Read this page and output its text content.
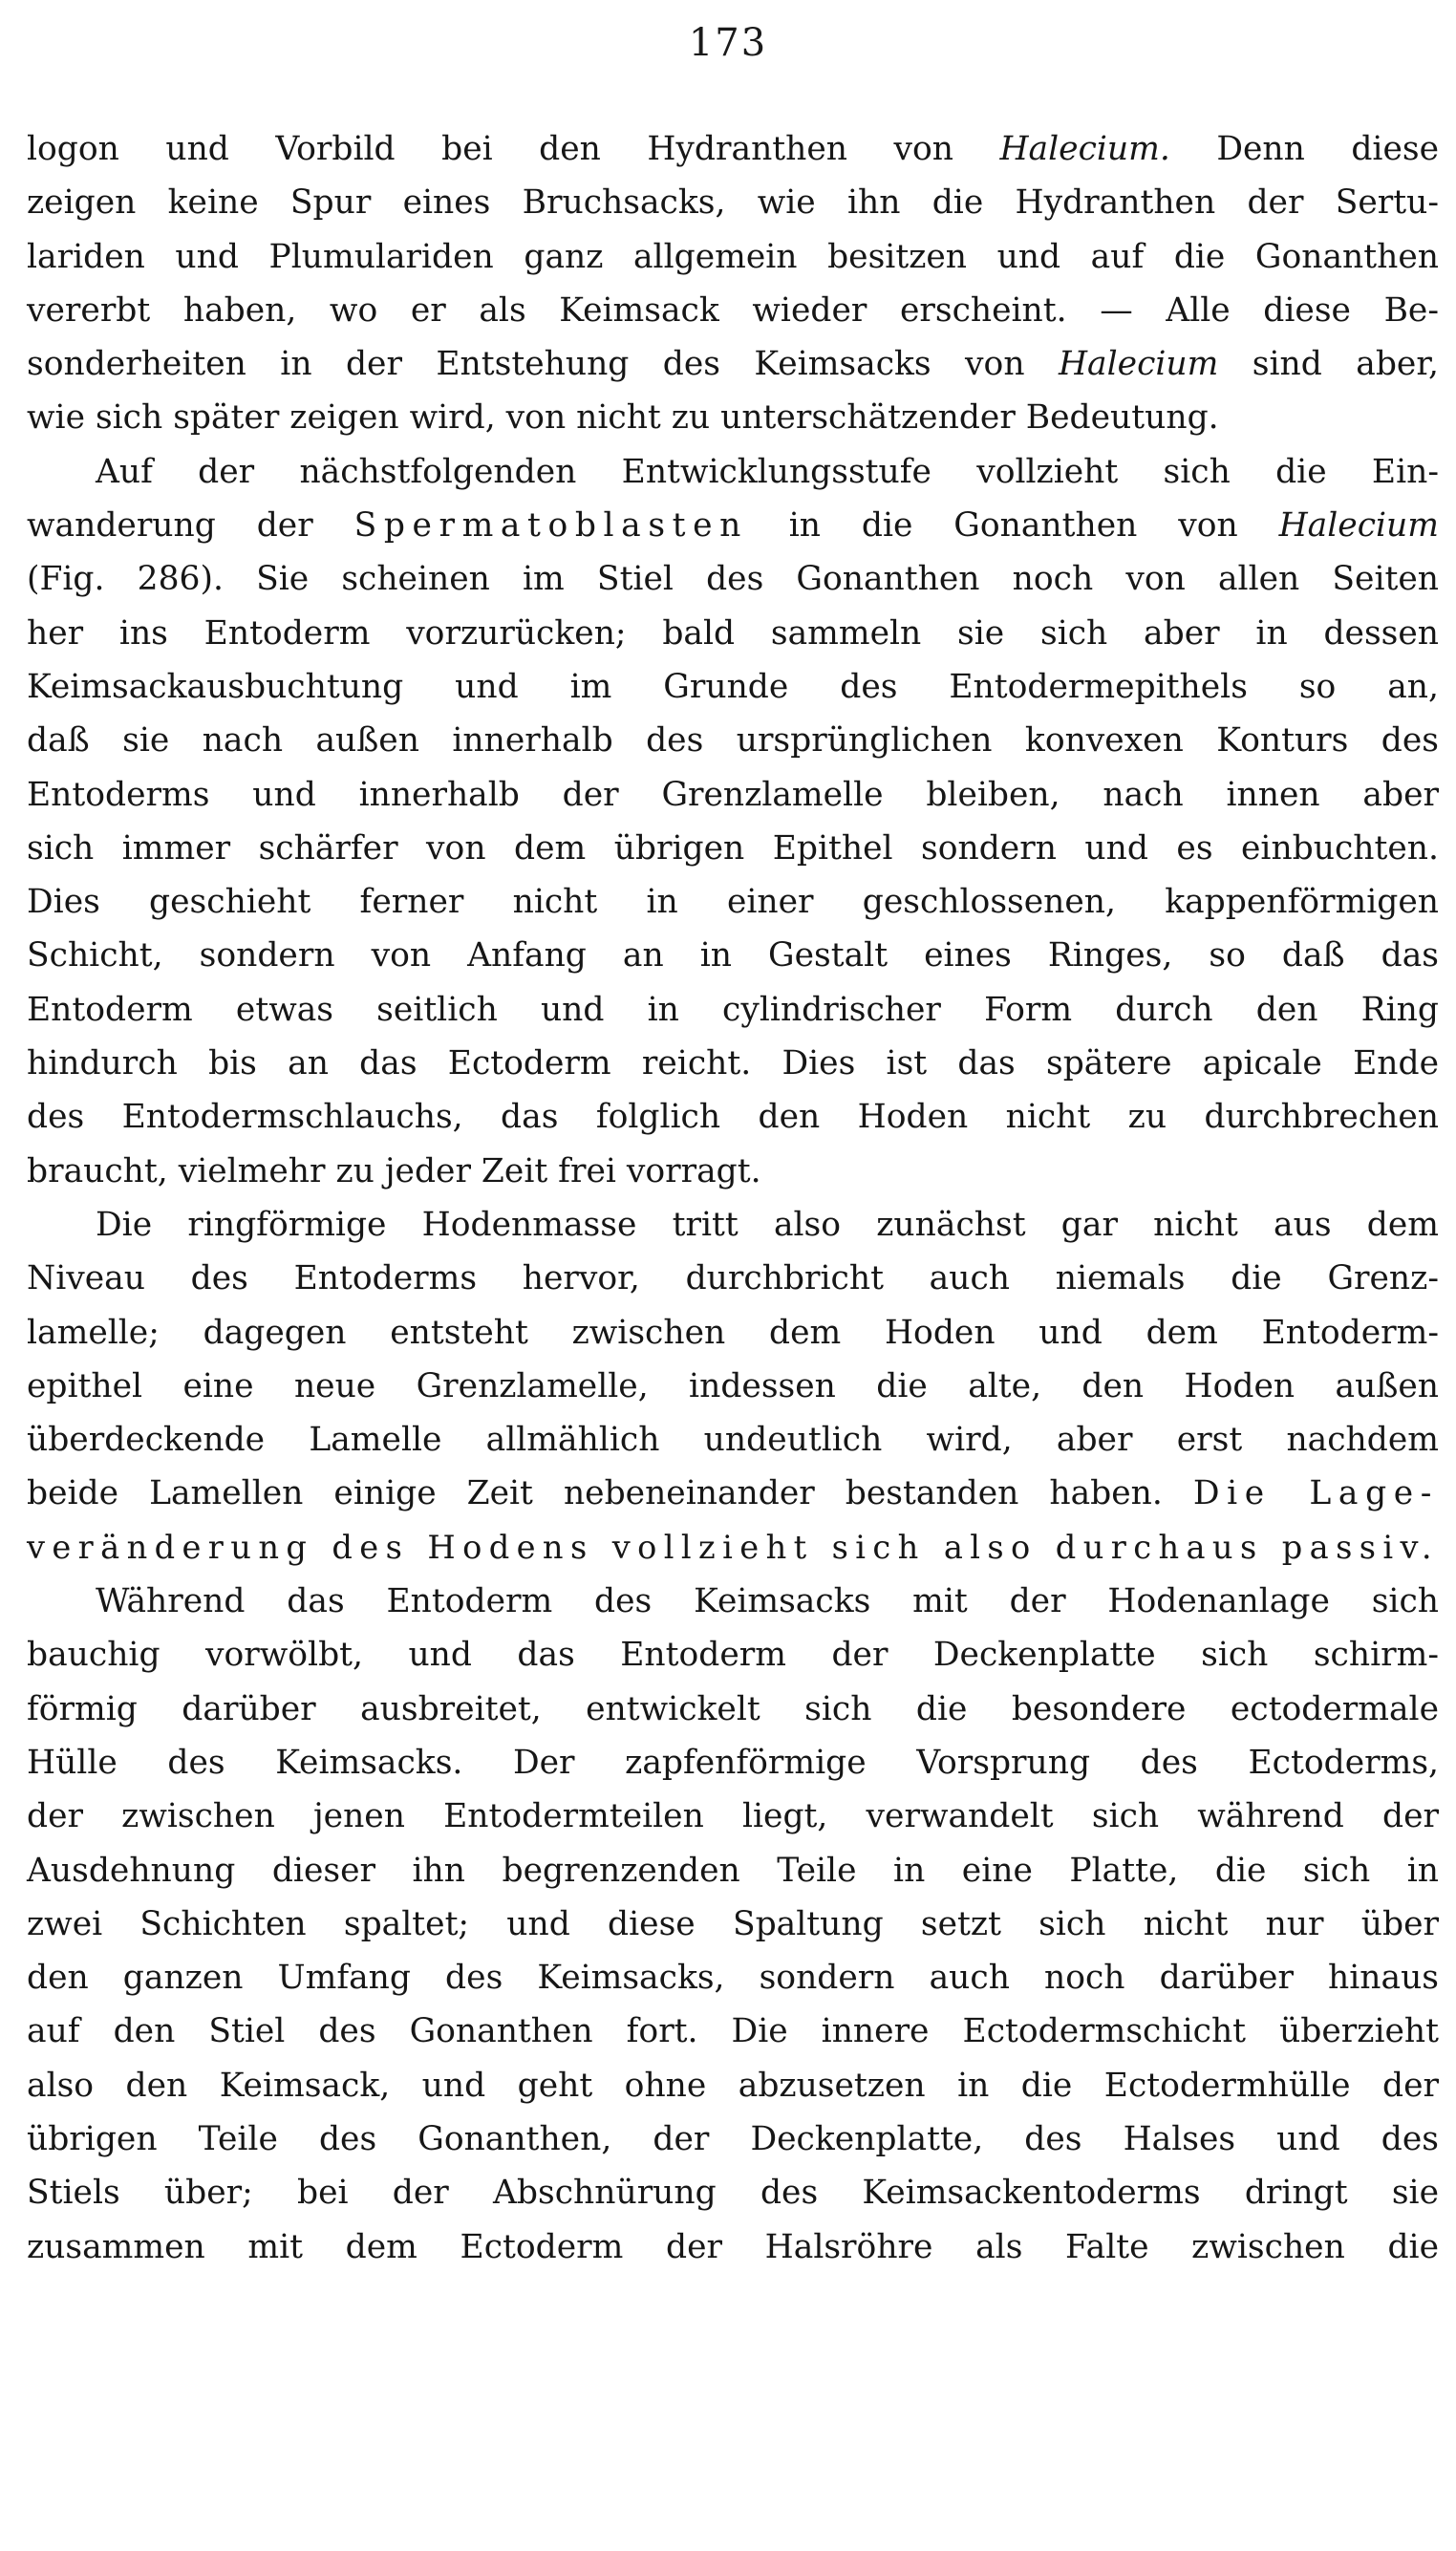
173
logon und Vorbild bei den Hydranthen von Halecium. Denn diese
zeigen keine Spur eines Bruchsacks, wie ihn die Hydranthen der Sertu-
lariden und Plumulariden ganz allgemein besitzen und auf die Gonanthen
vererbt haben, wo er als Keimsack wieder erscheint. — Alle diese Be-
sonderheiten in der Entstehung des Keimsacks von Halecium sind aber,
wie sich später zeigen wird, von nicht zu unterschätzender Bedeutung.
Auf der nächstfolgenden Entwicklungsstufe vollzieht sich die Ein-
wanderung der Spermatoblasten in die Gonanthen von Halecium
(Fig. 286). Sie scheinen im Stiel des Gonanthen noch von allen Seiten
her ins Entoderm vorzurücken; bald sammeln sie sich aber in dessen
Keimsackausbuchtung und im Grunde des Entodermepithels so an,
daß sie nach außen innerhalb des ursprünglichen konvexen Konturs des
Entoderms und innerhalb der Grenzlamelle bleiben, nach innen aber
sich immer schärfer von dem übrigen Epithel sondern und es einbuchten.
Dies geschieht ferner nicht in einer geschlossenen, kappenförmigen
Schicht, sondern von Anfang an in Gestalt eines Ringes, so daß das
Entoderm etwas seitlich und in cylindrischer Form durch den Ring
hindurch bis an das Ectoderm reicht. Dies ist das spätere apicale Ende
des Entodermschlauchs, das folglich den Hoden nicht zu durchbrechen
braucht, vielmehr zu jeder Zeit frei vorragt.
Die ringförmige Hodenmasse tritt also zunächst gar nicht aus dem
Niveau des Entoderms hervor, durchbricht auch niemals die Grenz-
lamelle; dagegen entsteht zwischen dem Hoden und dem Entoderm-
epithel eine neue Grenzlamelle, indessen die alte, den Hoden außen
überdeckende Lamelle allmählich undeutlich wird, aber erst nachdem
beide Lamellen einige Zeit nebeneinander bestanden haben. Die Lage-
veränderung des Hodens vollzieht sich also durchaus passiv.
Während das Entoderm des Keimsacks mit der Hodenanlage sich
bauchig vorwölbt, und das Entoderm der Deckenplatte sich schirm-
förmig darüber ausbreitet, entwickelt sich die besondere ectodermale
Hülle des Keimsacks. Der zapfenförmige Vorsprung des Ectoderms,
der zwischen jenen Entodermteilen liegt, verwandelt sich während der
Ausdehnung dieser ihn begrenzenden Teile in eine Platte, die sich in
zwei Schichten spaltet; und diese Spaltung setzt sich nicht nur über
den ganzen Umfang des Keimsacks, sondern auch noch darüber hinaus
auf den Stiel des Gonanthen fort. Die innere Ectodermschicht überzieht
also den Keimsack, und geht ohne abzusetzen in die Ectodermhülle der
übrigen Teile des Gonanthen, der Deckenplatte, des Halses und des
Stiels über; bei der Abschnürung des Keimsackentoderms dringt sie
zusammen mit dem Ectoderm der Halsröhre als Falte zwischen die
